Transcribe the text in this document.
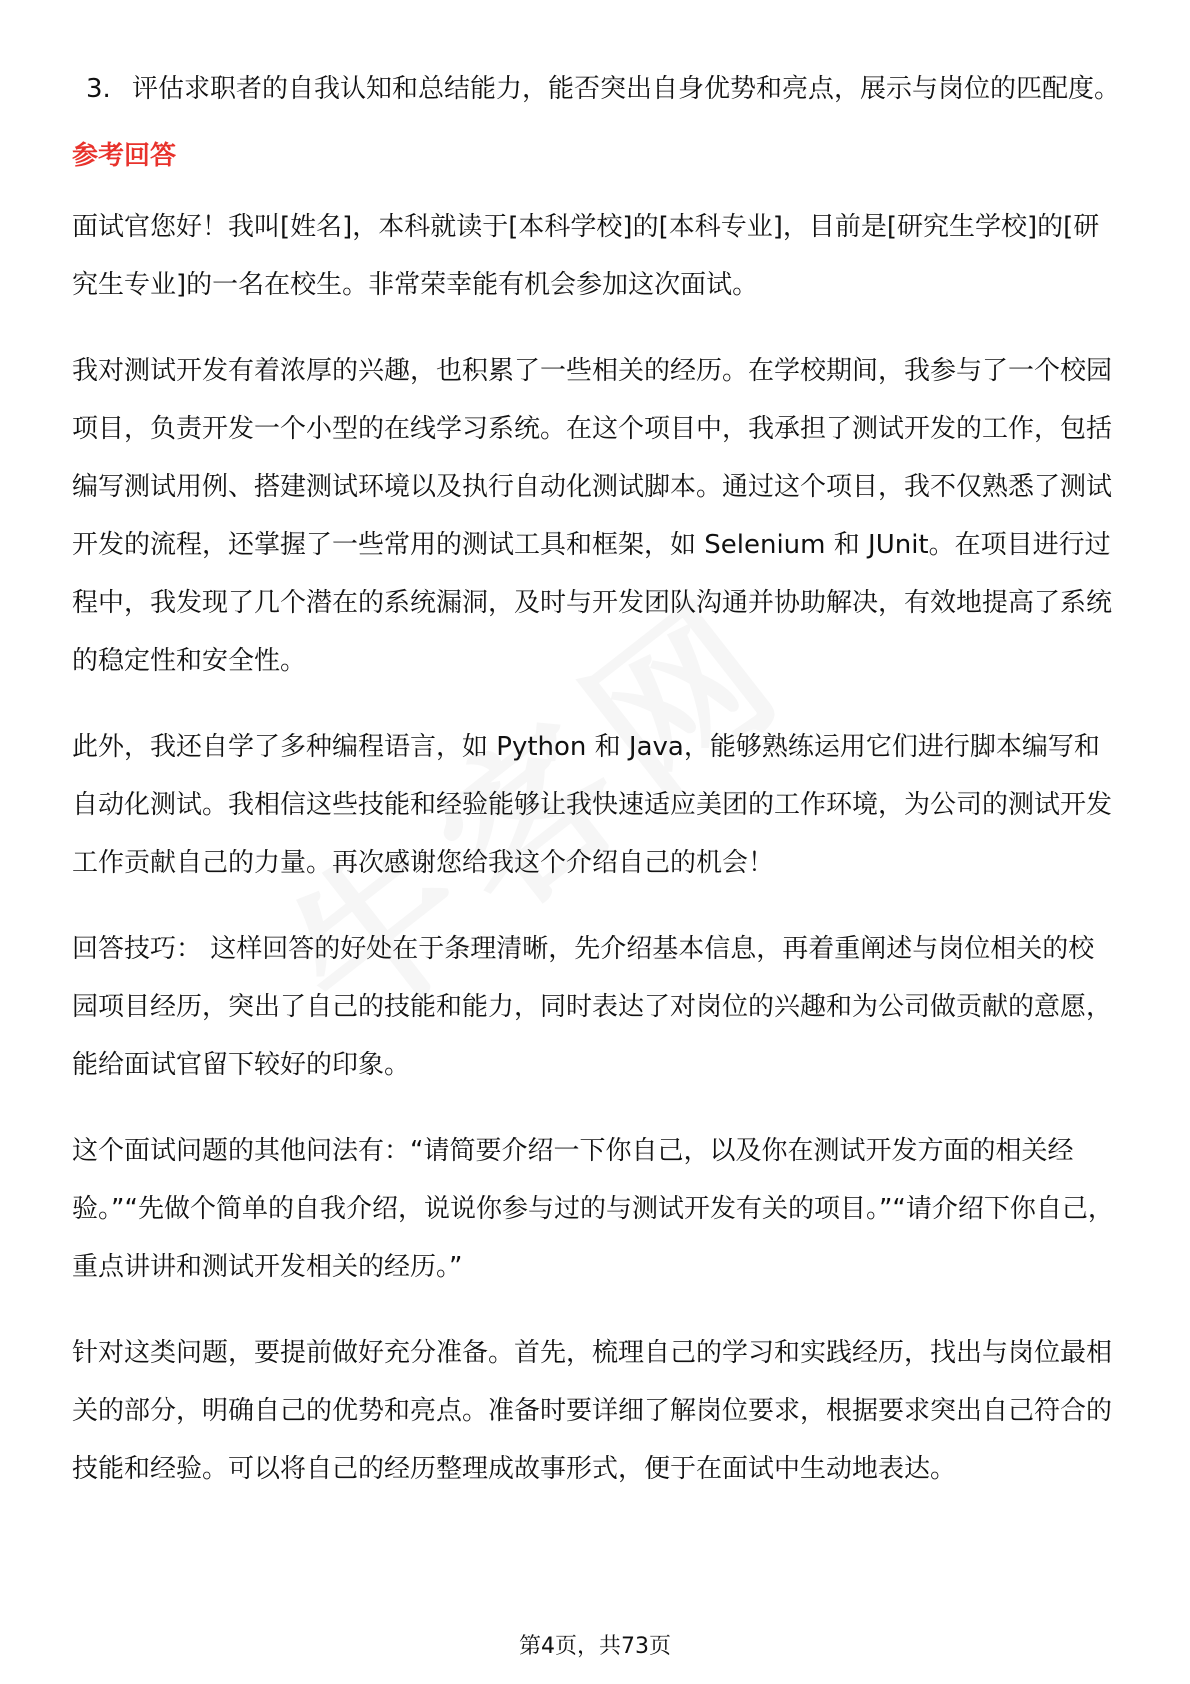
3. 评估求职者的自我认知和总结能力，能否突出自身优势和亮点，展示与岗位的匹配度。
参考回答

面试官您好！我叫[姓名]，本科就读于[本科学校]的[本科专业]，目前是[研究生学校]的[研究生专业]的一名在校生。非常荣幸能有机会参加这次面试。

我对测试开发有着浓厚的兴趣，也积累了一些相关的经历。在学校期间，我参与了一个校园项目，负责开发一个小型的在线学习系统。在这个项目中，我承担了测试开发的工作，包括编写测试用例、搭建测试环境以及执行自动化测试脚本。通过这个项目，我不仅熟悉了测试开发的流程，还掌握了一些常用的测试工具和框架，如 Selenium 和 JUnit。在项目进行过程中，我发现了几个潜在的系统漏洞，及时与开发团队沟通并协助解决，有效地提高了系统的稳定性和安全性。

此外，我还自学了多种编程语言，如 Python 和 Java，能够熟练运用它们进行脚本编写和自动化测试。我相信这些技能和经验能够让我快速适应美团的工作环境，为公司的测试开发工作贡献自己的力量。再次感谢您给我这个介绍自己的机会！

回答技巧： 这样回答的好处在于条理清晰，先介绍基本信息，再着重阐述与岗位相关的校园项目经历，突出了自己的技能和能力，同时表达了对岗位的兴趣和为公司做贡献的意愿，能给面试官留下较好的印象。

这个面试问题的其他问法有：“请简要介绍一下你自己，以及你在测试开发方面的相关经验。”“先做个简单的自我介绍，说说你参与过的与测试开发有关的项目。”“请介绍下你自己，重点讲讲和测试开发相关的经历。”

针对这类问题，要提前做好充分准备。首先，梳理自己的学习和实践经历，找出与岗位最相关的部分，明确自己的优势和亮点。准备时要详细了解岗位要求，根据要求突出自己符合的技能和经验。可以将自己的经历整理成故事形式，便于在面试中生动地表达。

第4页，共73页
